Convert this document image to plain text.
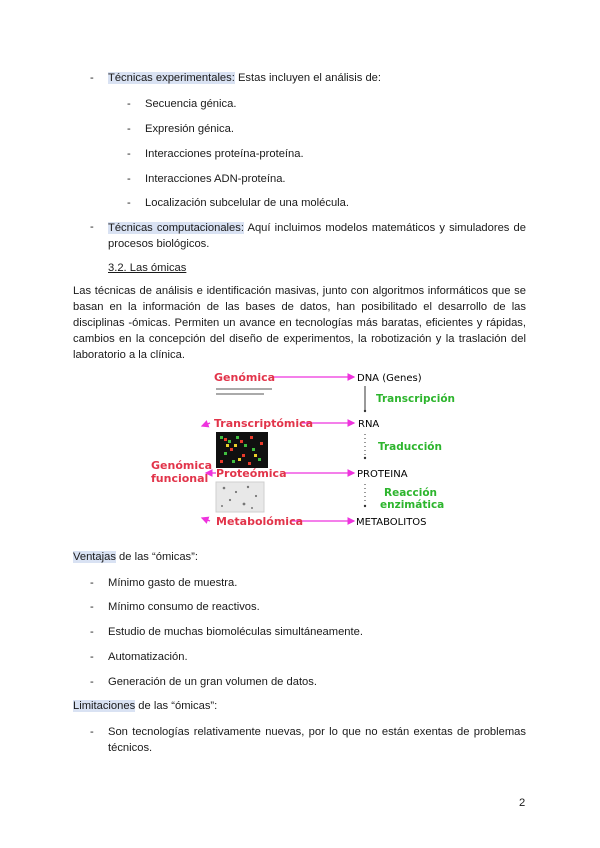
- Técnicas experimentales: Estas incluyen el análisis de:
- Secuencia génica.
- Expresión génica.
- Interacciones proteína-proteína.
- Interacciones ADN-proteína.
- Localización subcelular de una molécula.
- Técnicas computacionales: Aquí incluimos modelos matemáticos y simuladores de procesos biológicos.
3.2. Las ómicas
Las técnicas de análisis e identificación masivas, junto con algoritmos informáticos que se basan en la información de las bases de datos, han posibilitado el desarrollo de las disciplinas -ómicas. Permiten un avance en tecnologías más baratas, eficientes y rápidas, cambios en la concepción del diseño de experimentos, la robotización y la traslación del laboratorio a la clínica.
Genómica
Transcriptómica
Proteómica
Metabolómica
Genómica
funcional
DNA (Genes)
RNA
PROTEINA
METABOLITOS
Transcripción
Traducción
Reacción
enzimática
Ventajas de las “ómicas”:
- Mínimo gasto de muestra.
- Mínimo consumo de reactivos.
- Estudio de muchas biomoléculas simultáneamente.
- Automatización.
- Generación de un gran volumen de datos.
Limitaciones de las “ómicas”:
- Son tecnologías relativamente nuevas, por lo que no están exentas de problemas técnicos.
2
